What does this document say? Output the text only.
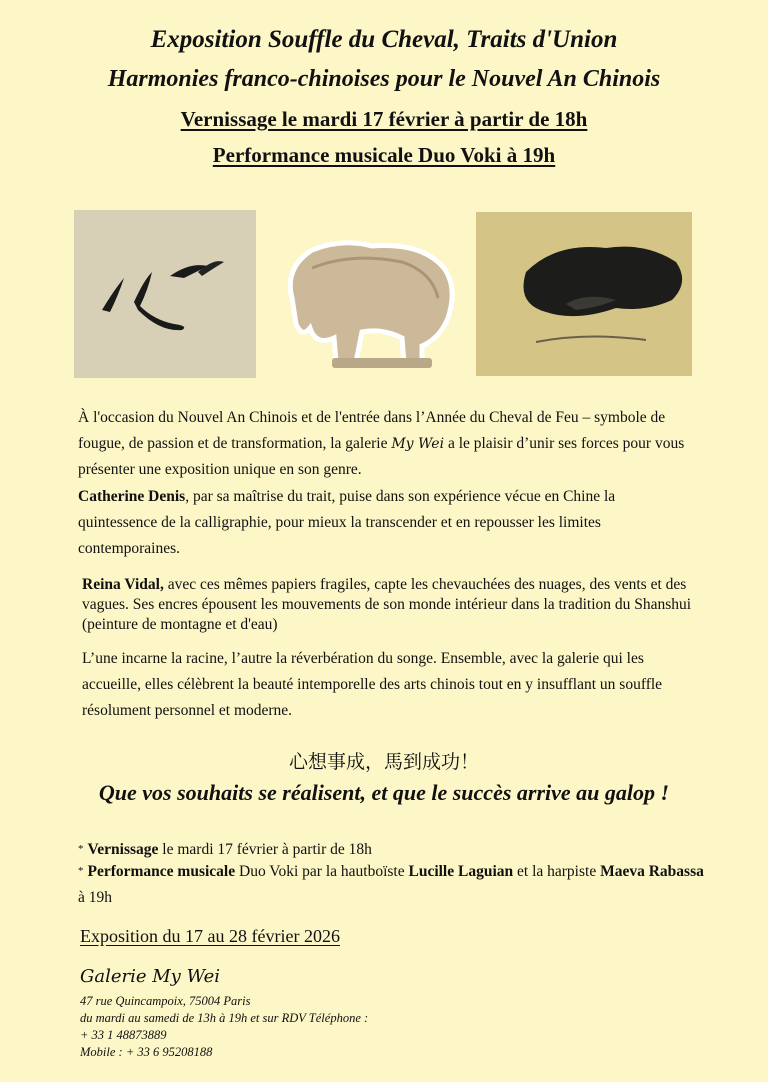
Exposition Souffle du Cheval, Traits d'Union
Harmonies franco-chinoises pour le Nouvel An Chinois
Vernissage le mardi 17 février à partir de 18h
Performance musicale Duo Voki à 19h
À l'occasion du Nouvel An Chinois et de l'entrée dans l’Année du Cheval de Feu – symbole de fougue, de passion et de transformation, la galerie My Wei a le plaisir d’unir ses forces pour vous présenter une exposition unique en son genre.
Catherine Denis, par sa maîtrise du trait, puise dans son expérience vécue en Chine la quintessence de la calligraphie, pour mieux la transcender et en repousser les limites contemporaines.
Reina Vidal, avec ces mêmes papiers fragiles, capte les chevauchées des nuages, des vents et des vagues. Ses encres épousent les mouvements de son monde intérieur dans la tradition du Shanshui (peinture de montagne et d'eau)
L’une incarne la racine, l’autre la réverbération du songe. Ensemble, avec la galerie qui les accueille, elles célèbrent la beauté intemporelle des arts chinois tout en y insufflant un souffle résolument personnel et moderne.
心想事成，馬到成功！
Que vos souhaits se réalisent, et que le succès arrive au galop !
* Vernissage le mardi 17 février à partir de 18h
* Performance musicale Duo Voki par la hautboïste Lucille Laguian et la harpiste Maeva Rabassa à 19h
Exposition du 17 au 28 février 2026
Galerie My Wei
47 rue Quincampoix, 75004 Paris
du mardi au samedi de 13h à 19h et sur RDV Téléphone :
+ 33 1 48873889
Mobile : + 33 6 95208188
